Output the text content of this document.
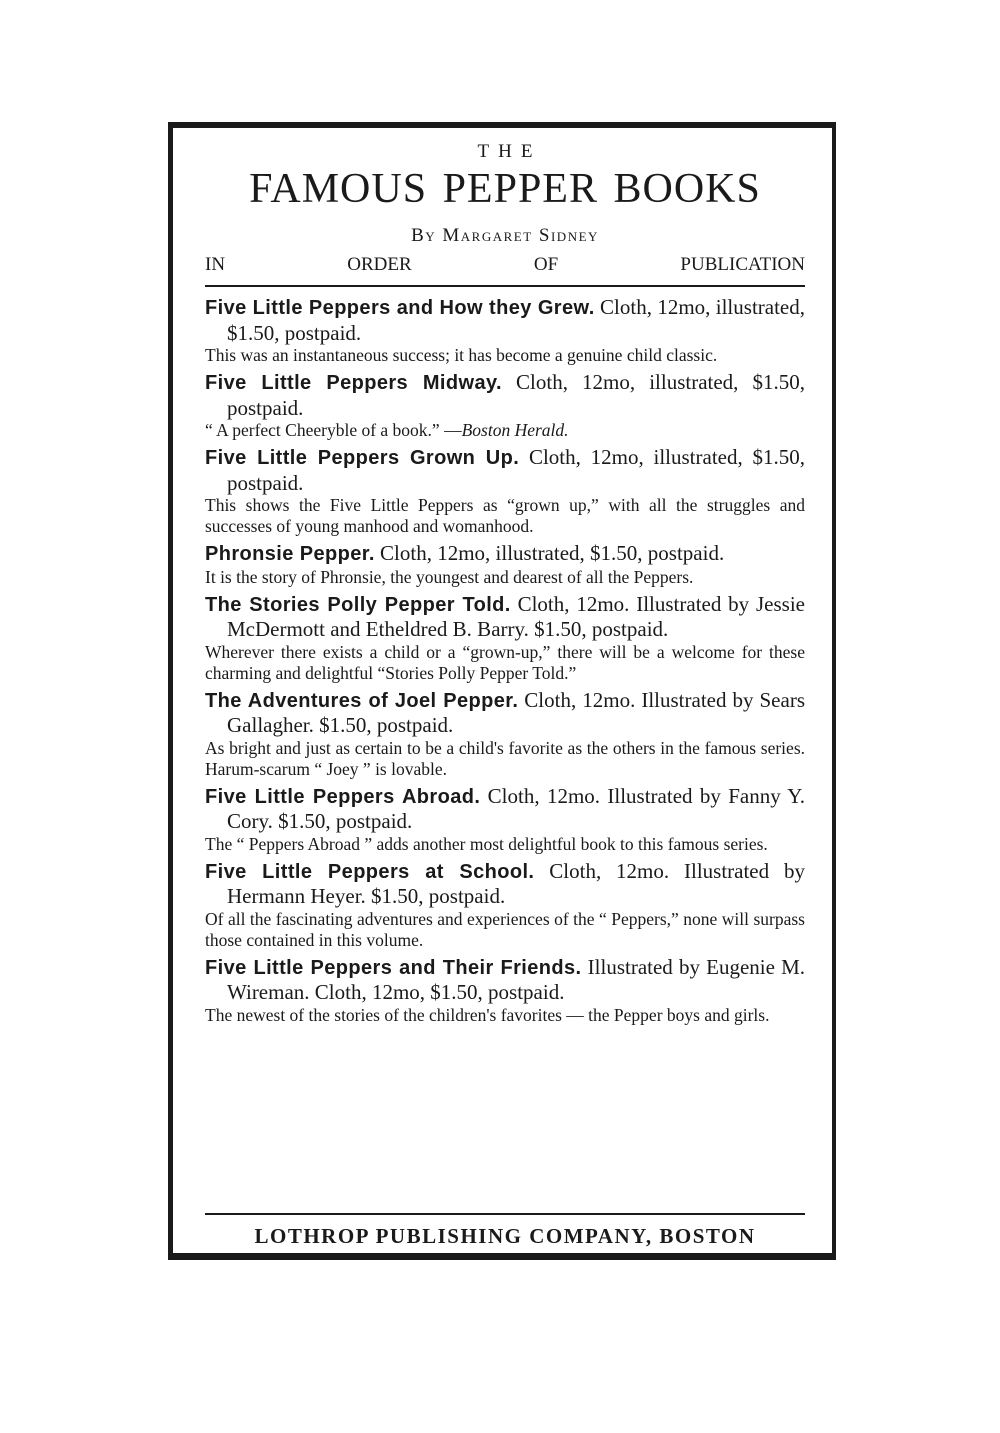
THE
FAMOUS PEPPER BOOKS
By Margaret Sidney
IN	ORDER	OF	PUBLICATION
Five Little Peppers and How they Grew. Cloth, 12mo, illustrated, $1.50, postpaid.
This was an instantaneous success; it has become a genuine child classic.
Five Little Peppers Midway. Cloth, 12mo, illustrated, $1.50, postpaid.
“ A perfect Cheeryble of a book.” —Boston Herald.
Five Little Peppers Grown Up. Cloth, 12mo, illustrated, $1.50, postpaid.
This shows the Five Little Peppers as “grown up,” with all the struggles and successes of young manhood and womanhood.
Phronsie Pepper. Cloth, 12mo, illustrated, $1.50, postpaid.
It is the story of Phronsie, the youngest and dearest of all the Peppers.
The Stories Polly Pepper Told. Cloth, 12mo. Illustrated by Jessie McDermott and Etheldred B. Barry. $1.50, postpaid.
Wherever there exists a child or a “grown-up,” there will be a welcome for these charming and delightful “Stories Polly Pepper Told.”
The Adventures of Joel Pepper. Cloth, 12mo. Illustrated by Sears Gallagher. $1.50, postpaid.
As bright and just as certain to be a child's favorite as the others in the famous series. Harum-scarum “ Joey ” is lovable.
Five Little Peppers Abroad. Cloth, 12mo. Illustrated by Fanny Y. Cory. $1.50, postpaid.
The “ Peppers Abroad ” adds another most delightful book to this famous series.
Five Little Peppers at School. Cloth, 12mo. Illustrated by Hermann Heyer. $1.50, postpaid.
Of all the fascinating adventures and experiences of the “ Peppers,” none will surpass those contained in this volume.
Five Little Peppers and Their Friends. Illustrated by Eugenie M. Wireman. Cloth, 12mo, $1.50, postpaid.
The newest of the stories of the children's favorites — the Pepper boys and girls.
LOTHROP PUBLISHING COMPANY, BOSTON
